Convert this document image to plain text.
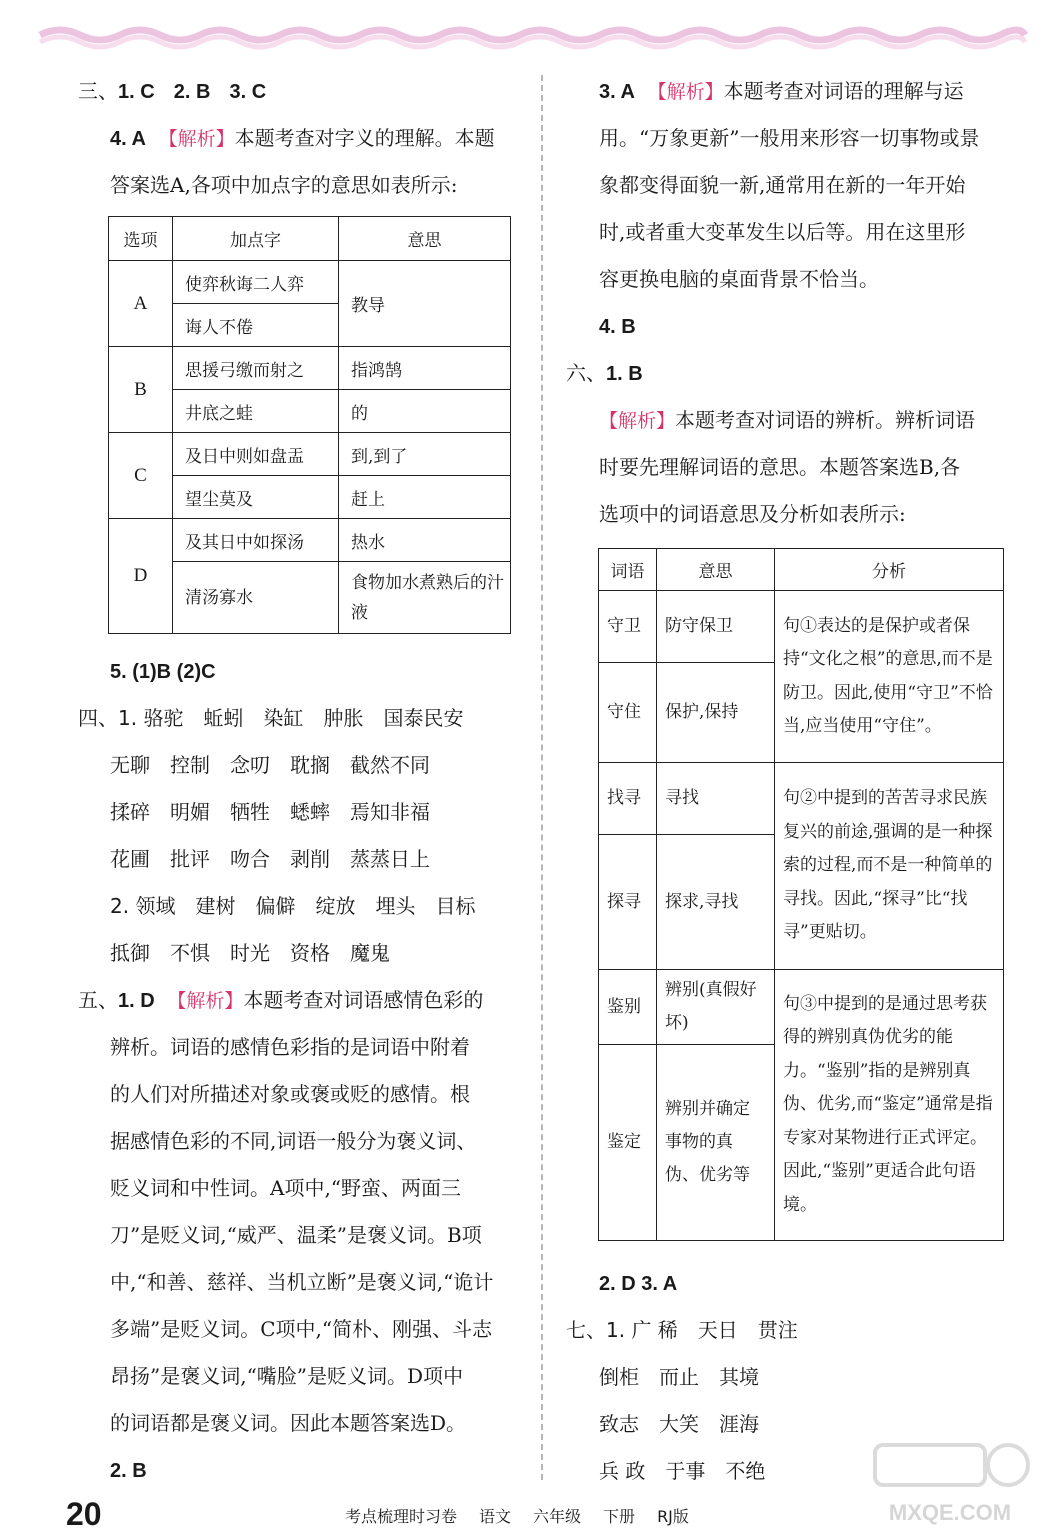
三、1. C 2. B 3. C
4. A 【解析】本题考查对字义的理解。本题
答案选A,各项中加点字的意思如表所示:
选项	加点字	意思
A	使弈秋诲二人弈	教导
	诲人不倦	
B	思援弓缴而射之	指鸿鹄
	井底之蛙	的
C	及日中则如盘盂	到,到了
	望尘莫及	赶上
D	及其日中如探汤	热水
	清汤寡水	食物加水煮熟后的汁液
5. (1)B (2)C
四、1. 骆驼 蚯蚓 染缸 肿胀 国泰民安
无聊 控制 念叨 耽搁 截然不同
揉碎 明媚 牺牲 蟋蟀 焉知非福
花圃 批评 吻合 剥削 蒸蒸日上
2. 领域 建树 偏僻 绽放 埋头 目标
抵御 不惧 时光 资格 魔鬼
五、1. D 【解析】本题考查对词语感情色彩的
辨析。词语的感情色彩指的是词语中附着
的人们对所描述对象或褒或贬的感情。根
据感情色彩的不同,词语一般分为褒义词、
贬义词和中性词。A项中,“野蛮、两面三
刀”是贬义词,“威严、温柔”是褒义词。B项
中,“和善、慈祥、当机立断”是褒义词,“诡计
多端”是贬义词。C项中,“简朴、刚强、斗志
昂扬”是褒义词,“嘴脸”是贬义词。D项中
的词语都是褒义词。因此本题答案选D。
2. B
3. A 【解析】本题考查对词语的理解与运
用。“万象更新”一般用来形容一切事物或景
象都变得面貌一新,通常用在新的一年开始
时,或者重大变革发生以后等。用在这里形
容更换电脑的桌面背景不恰当。
4. B
六、1. B
【解析】本题考查对词语的辨析。辨析词语
时要先理解词语的意思。本题答案选B,各
选项中的词语意思及分析如表所示:
词语	意思	分析
守卫	防守保卫	句①表达的是保护或者保持“文化之根”的意思,而不是防卫。因此,使用“守卫”不恰当,应当使用“守住”。
守住	保护,保持	
找寻	寻找	句②中提到的苦苦寻求民族复兴的前途,强调的是一种探索的过程,而不是一种简单的寻找。因此,“探寻”比“找寻”更贴切。
探寻	探求,寻找	
鉴别	辨别(真假好坏)	句③中提到的是通过思考获得的辨别真伪优劣的能力。“鉴别”指的是辨别真伪、优劣,而“鉴定”通常是指专家对某物进行正式评定。因此,“鉴别”更适合此句语境。
鉴定	辨别并确定事物的真伪、优劣等	
2. D 3. A
七、1. 广 稀 天日 贯注
倒柜 而止 其境
致志 大笑 涯海
兵 政 于事 不绝
MXQE.COM
20	考点梳理时习卷 语文 六年级 下册 RJ版
